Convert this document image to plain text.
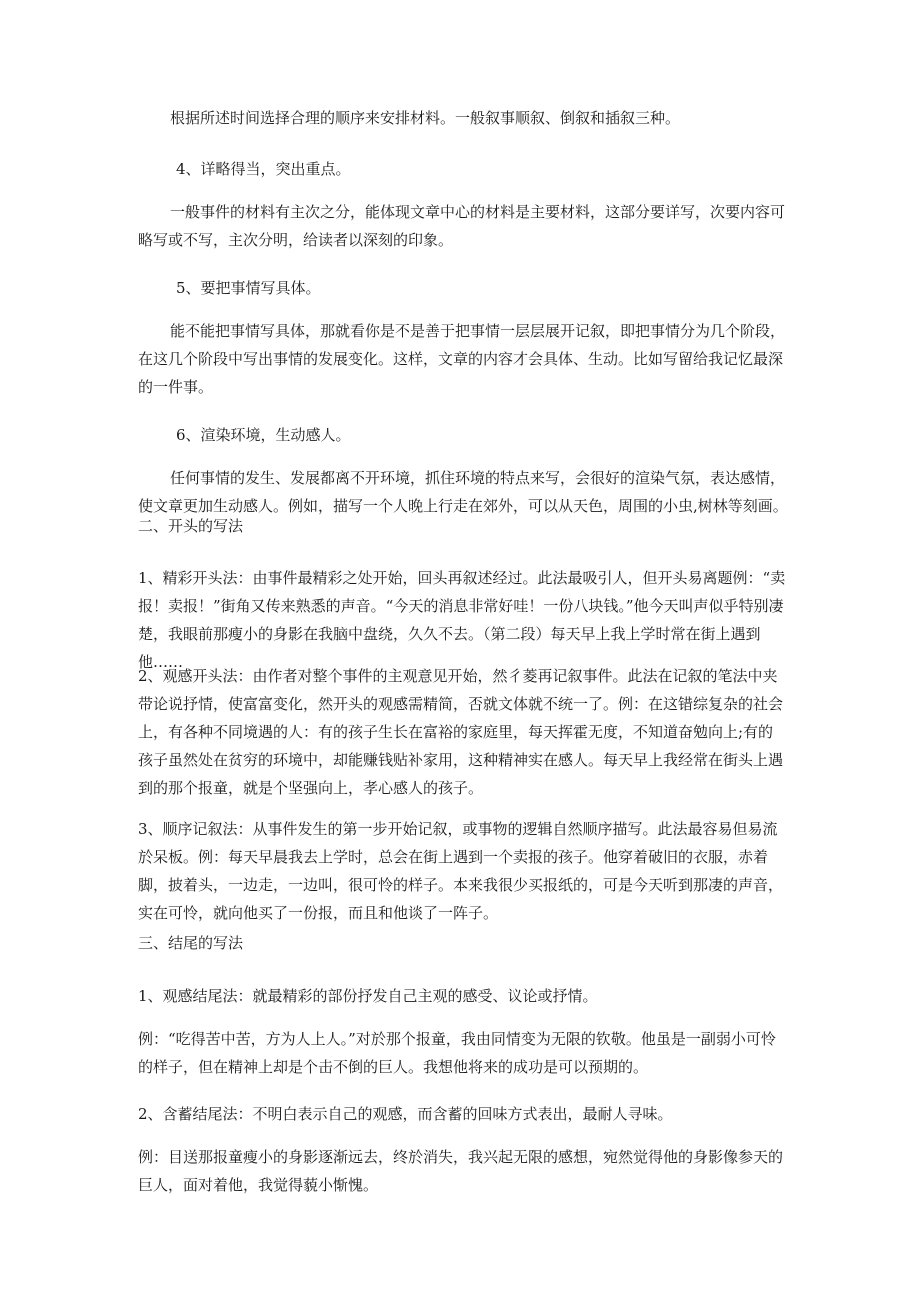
根据所述时间选择合理的顺序来安排材料。一般叙事顺叙、倒叙和插叙三种。

4、详略得当，突出重点。

一般事件的材料有主次之分，能体现文章中心的材料是主要材料，这部分要详写，次要内容可略写或不写，主次分明，给读者以深刻的印象。

5、要把事情写具体。

能不能把事情写具体，那就看你是不是善于把事情一层层展开记叙，即把事情分为几个阶段，在这几个阶段中写出事情的发展变化。这样，文章的内容才会具体、生动。比如写留给我记忆最深的一件事。

6、渲染环境，生动感人。

任何事情的发生、发展都离不开环境，抓住环境的特点来写，会很好的渲染气氛，表达感情，使文章更加生动感人。例如，描写一个人晚上行走在郊外，可以从天色，周围的小虫,树林等刻画。

二、开头的写法

1、精彩开头法：由事件最精彩之处开始，回头再叙述经过。此法最吸引人，但开头易离题例：“卖报！卖报！”街角又传来熟悉的声音。“今天的消息非常好哇！一份八块钱。”他今天叫声似乎特别凄楚，我眼前那瘦小的身影在我脑中盘绕，久久不去。（第二段）每天早上我上学时常在街上遇到他……

2、观感开头法：由作者对整个事件的主观意见开始，然彳菱再记叙事件。此法在记叙的笔法中夹带论说抒情，使富富变化，然开头的观感需精简，否就文体就不统一了。例：在这错综复杂的社会上，有各种不同境遇的人：有的孩子生长在富裕的家庭里，每天挥霍无度，不知道奋勉向上;有的孩子虽然处在贫穷的环境中，却能赚钱贴补家用，这种精神实在感人。每天早上我经常在街头上遇到的那个报童，就是个坚强向上，孝心感人的孩子。

3、顺序记叙法：从事件发生的第一步开始记叙，或事物的逻辑自然顺序描写。此法最容易但易流於呆板。例：每天早晨我去上学时，总会在街上遇到一个卖报的孩子。他穿着破旧的衣服，赤着脚，披着头，一边走，一边叫，很可怜的样子。本来我很少买报纸的，可是今天听到那凄的声音，实在可怜，就向他买了一份报，而且和他谈了一阵子。

三、结尾的写法

1、观感结尾法：就最精彩的部份抒发自己主观的感受、议论或抒情。

例：“吃得苦中苦，方为人上人。”对於那个报童，我由同情变为无限的钦敬。他虽是一副弱小可怜的样子，但在精神上却是个击不倒的巨人。我想他将来的成功是可以预期的。

2、含蓄结尾法：不明白表示自己的观感，而含蓄的回味方式表出，最耐人寻味。

例：目送那报童瘦小的身影逐渐远去，终於消失，我兴起无限的感想，宛然觉得他的身影像参天的巨人，面对着他，我觉得藐小惭愧。
